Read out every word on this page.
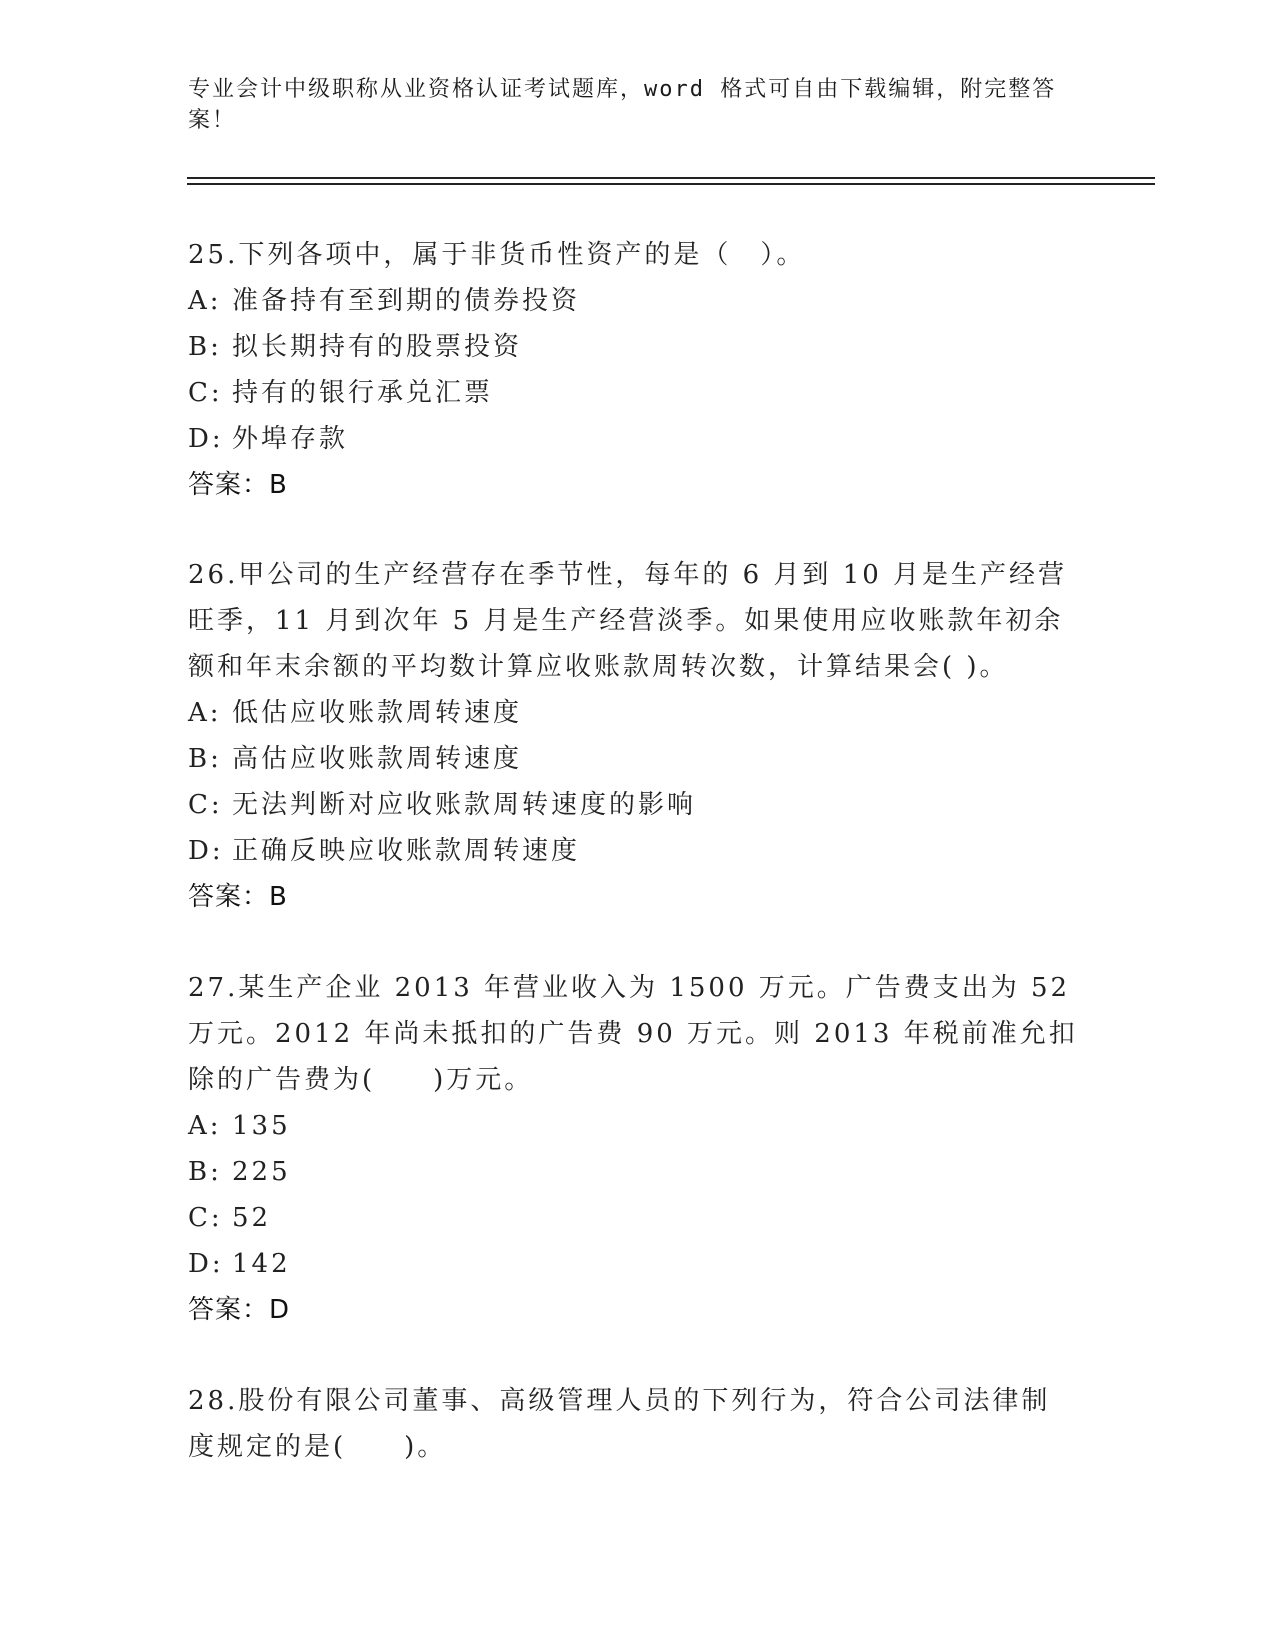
专业会计中级职称从业资格认证考试题库，word 格式可自由下载编辑，附完整答案！
25.下列各项中，属于非货币性资产的是（　）。
A: 准备持有至到期的债券投资
B: 拟长期持有的股票投资
C: 持有的银行承兑汇票
D: 外埠存款
答案：B
26.甲公司的生产经营存在季节性，每年的 6 月到 10 月是生产经营旺季，11 月到次年 5 月是生产经营淡季。如果使用应收账款年初余额和年末余额的平均数计算应收账款周转次数，计算结果会( )。
A: 低估应收账款周转速度
B: 高估应收账款周转速度
C: 无法判断对应收账款周转速度的影响
D: 正确反映应收账款周转速度
答案：B
27.某生产企业 2013 年营业收入为 1500 万元。广告费支出为 52 万元。2012 年尚未抵扣的广告费 90 万元。则 2013 年税前准允扣除的广告费为(　　)万元。
A: 135
B: 225
C: 52
D: 142
答案：D
28.股份有限公司董事、高级管理人员的下列行为，符合公司法律制度规定的是(　　)。
